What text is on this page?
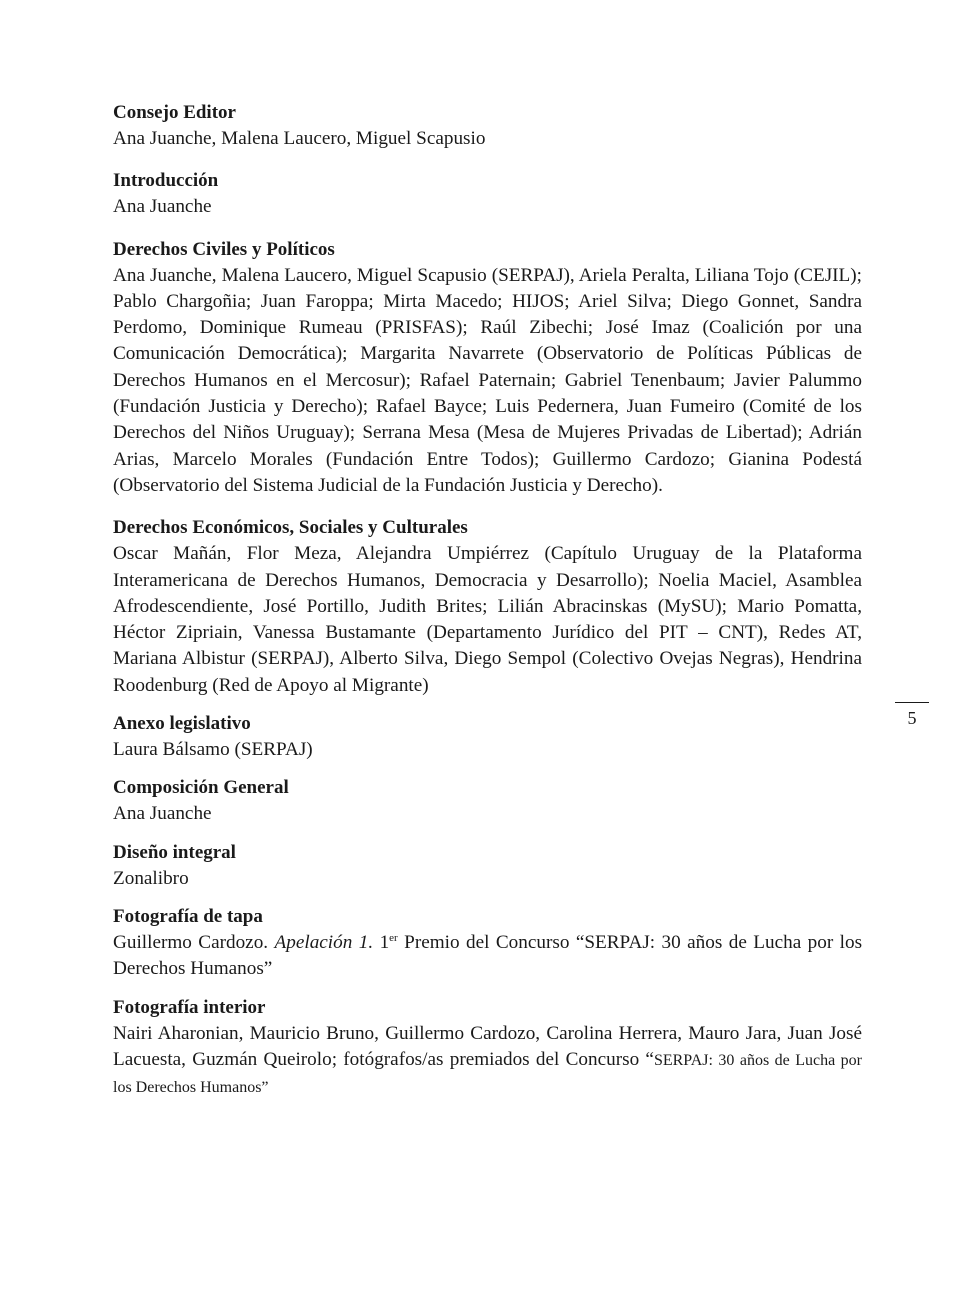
Consejo Editor

Ana Juanche, Malena Laucero, Miguel Scapusio

Introducción

Ana Juanche

Derechos Civiles y Políticos

Ana Juanche, Malena Laucero, Miguel Scapusio (SERPAJ), Ariela Peralta, Liliana Tojo (CEJIL); Pablo Chargoñia; Juan Faroppa; Mirta Macedo; HIJOS; Ariel Silva; Diego Gonnet, Sandra Perdomo, Dominique Rumeau (PRISFAS); Raúl Zibechi; José Imaz (Coalición por una Comunicación Democrática); Margarita Navarrete (Observatorio de Políticas Públicas de Derechos Humanos en el Mercosur); Rafael Paternain; Gabriel Tenenbaum; Javier Palummo (Fundación Justicia y Derecho); Rafael Bayce; Luis Pedernera, Juan Fumeiro (Comité de los Derechos del Niños Uruguay); Serrana Mesa (Mesa de Mujeres Privadas de Libertad); Adrián Arias, Marcelo Morales (Fundación Entre Todos); Guillermo Cardozo; Gianina Podestá (Observatorio del Sistema Judicial de la Fundación Justicia y Derecho).

Derechos Económicos, Sociales y Culturales

Oscar Mañán, Flor Meza, Alejandra Umpiérrez (Capítulo Uruguay de la Plataforma Interamericana de Derechos Humanos, Democracia y Desarrollo); Noelia Maciel, Asamblea Afrodescendiente, José Portillo, Judith Brites; Lilián Abracinskas (MySU); Mario Pomatta, Héctor Zipriain, Vanessa Bustamante (Departamento Jurídico del PIT – CNT), Redes AT, Mariana Albistur (SERPAJ), Alberto Silva, Diego Sempol (Colectivo Ovejas Negras), Hendrina Roodenburg (Red de Apoyo al Migrante)

Anexo legislativo

Laura Bálsamo (SERPAJ)

Composición General

Ana Juanche

Diseño integral

Zonalibro

Fotografía de tapa

Guillermo Cardozo. Apelación 1. 1er Premio del Concurso “SERPAJ: 30 años de Lucha por los Derechos Humanos”

Fotografía interior

Nairi Aharonian, Mauricio Bruno, Guillermo Cardozo, Carolina Herrera, Mauro Jara, Juan José Lacuesta, Guzmán Queirolo; fotógrafos/as premiados del Concurso “SERPAJ: 30 años de Lucha por los Derechos Humanos”

5
